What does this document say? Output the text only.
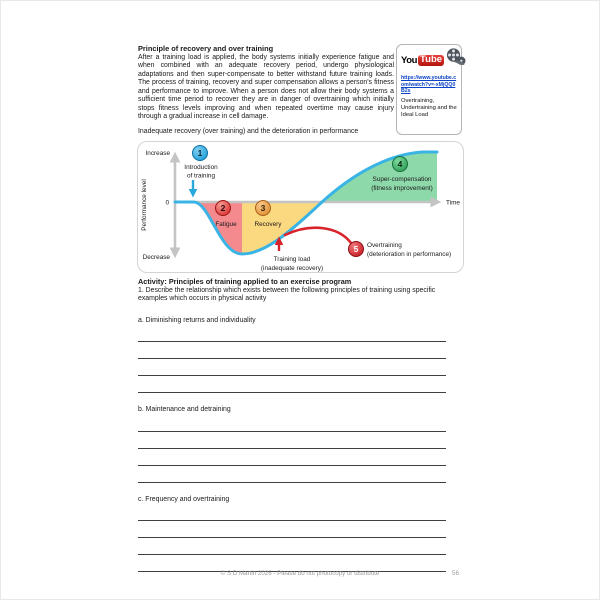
Principle of recovery and over training
After a training load is applied, the body systems initially experience fatigue and when combined with an adequate recovery period, undergo physiological adaptations and then super-compensate to better withstand future training loads. The process of training, recovery and super compensation allows a person's fitness and performance to improve. When a person does not allow their body systems a sufficient time period to recover they are in danger of overtraining which initially stops fitness levels improving and when repeated overtime may cause injury through a gradual increase in cell damage.
Inadequate recovery (over training) and the deterioration in performance
You Tube
https://www.youtube.com/watch?v=-xMjQQ0B2s
Overtraining, Undertraining and the Ideal Load
Increase
0
Decrease
Performance level	Time
1
Introduction
of training
2
Fatigue
3
Recovery
4
Super-compensation
(fitness improvement)
5 Overtraining
(deterioration in performance)
Training load
(inadequate recovery)
Activity: Principles of training applied to an exercise program
1. Describe the relationship which exists between the following principles of training using specific examples which occurs in physical activity
a. Diminishing returns and individuality
b. Maintenance and detraining
c. Frequency and overtraining
© S D Martin 2026 - Please do not photocopy or distribute	56
